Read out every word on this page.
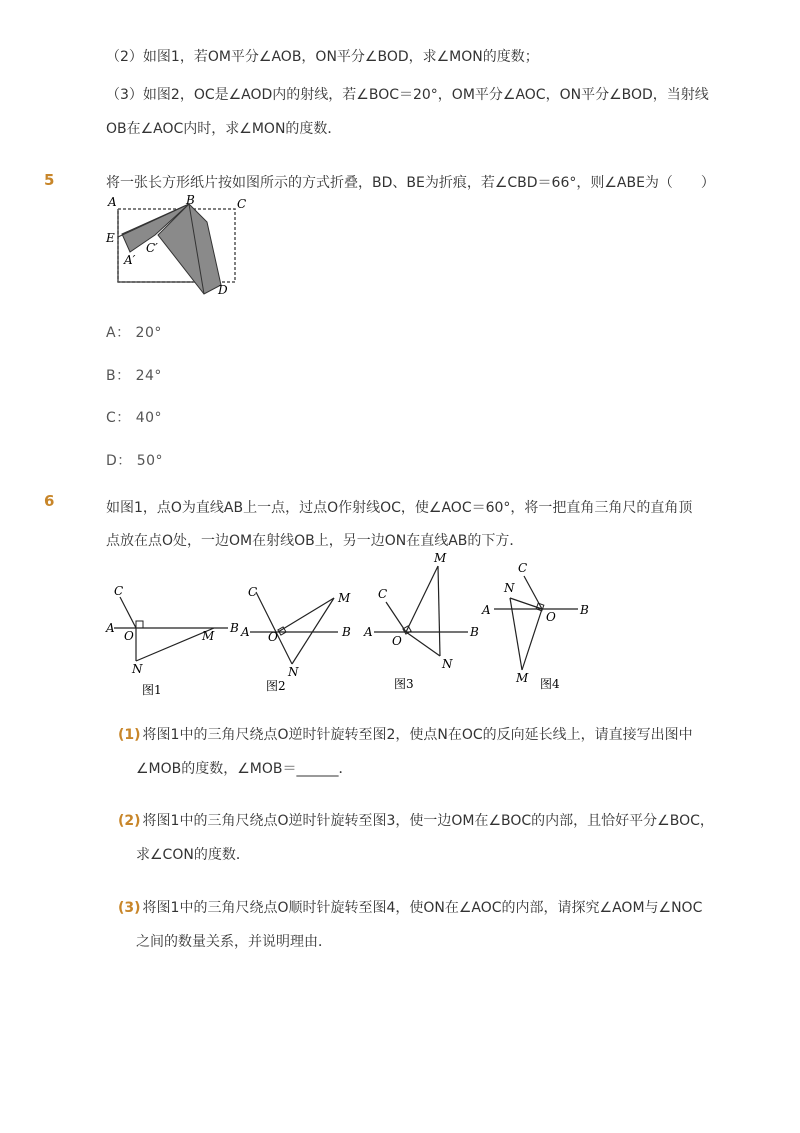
（2）如图1，若OM平分∠AOB，ON平分∠BOD，求∠MON的度数；
（3）如图2，OC是∠AOD内的射线，若∠BOC＝20°，OM平分∠AOC，ON平分∠BOD，当射线
OB在∠AOC内时，求∠MON的度数．
5	将一张长方形纸片按如图所示的方式折叠，BD、BE为折痕，若∠CBD＝66°，则∠ABE为（　　）
A	B	C
E
D
A′
C′
A： 20°
B： 24°
C： 40°
D： 50°
6	如图1，点O为直线AB上一点，过点O作射线OC，使∠AOC＝60°，将一把直角三角尺的直角顶
点放在点O处，一边OM在射线OB上，另一边ON在直线AB的下方．
A	B
C
O	M
N
图1
A	B
C
O
M
N
图2
A	B
C
O
M
N
图3
A	B
C
O
M
N
图4
(1) 将图1中的三角尺绕点O逆时针旋转至图2，使点N在OC的反向延长线上，请直接写出图中
∠MOB的度数，∠MOB＝______．
(2) 将图1中的三角尺绕点O逆时针旋转至图3，使一边OM在∠BOC的内部，且恰好平分∠BOC，
求∠CON的度数．
(3) 将图1中的三角尺绕点O顺时针旋转至图4，使ON在∠AOC的内部，请探究∠AOM与∠NOC
之间的数量关系，并说明理由．
